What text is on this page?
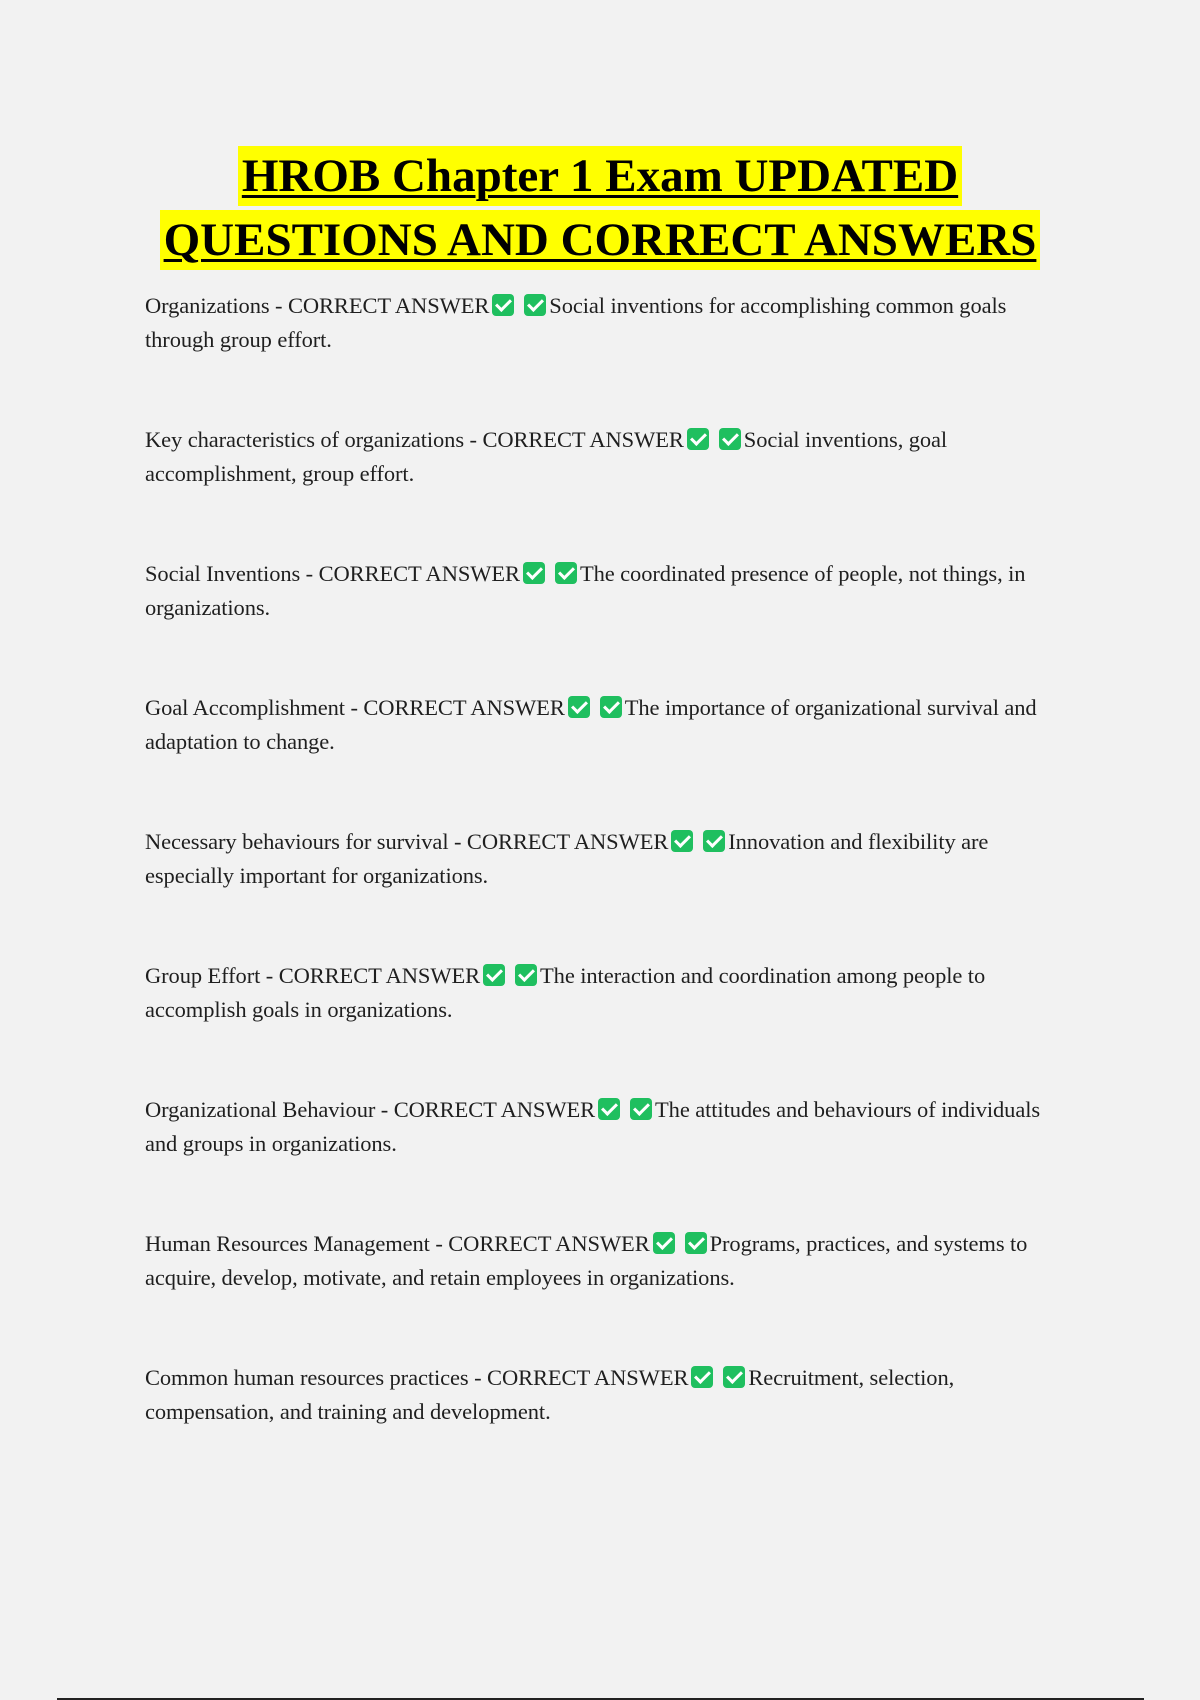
HROB Chapter 1 Exam UPDATED
QUESTIONS AND CORRECT ANSWERS
Organizations - CORRECT ANSWER	Social inventions for accomplishing common goals through group effort.
Key characteristics of organizations - CORRECT ANSWER	Social inventions, goal accomplishment, group effort.
Social Inventions - CORRECT ANSWER	The coordinated presence of people, not things, in organizations.
Goal Accomplishment - CORRECT ANSWER	The importance of organizational survival and adaptation to change.
Necessary behaviours for survival - CORRECT ANSWER	Innovation and flexibility are especially important for organizations.
Group Effort - CORRECT ANSWER	The interaction and coordination among people to accomplish goals in organizations.
Organizational Behaviour - CORRECT ANSWER	The attitudes and behaviours of individuals and groups in organizations.
Human Resources Management - CORRECT ANSWER	Programs, practices, and systems to acquire, develop, motivate, and retain employees in organizations.
Common human resources practices - CORRECT ANSWER	Recruitment, selection, compensation, and training and development.
